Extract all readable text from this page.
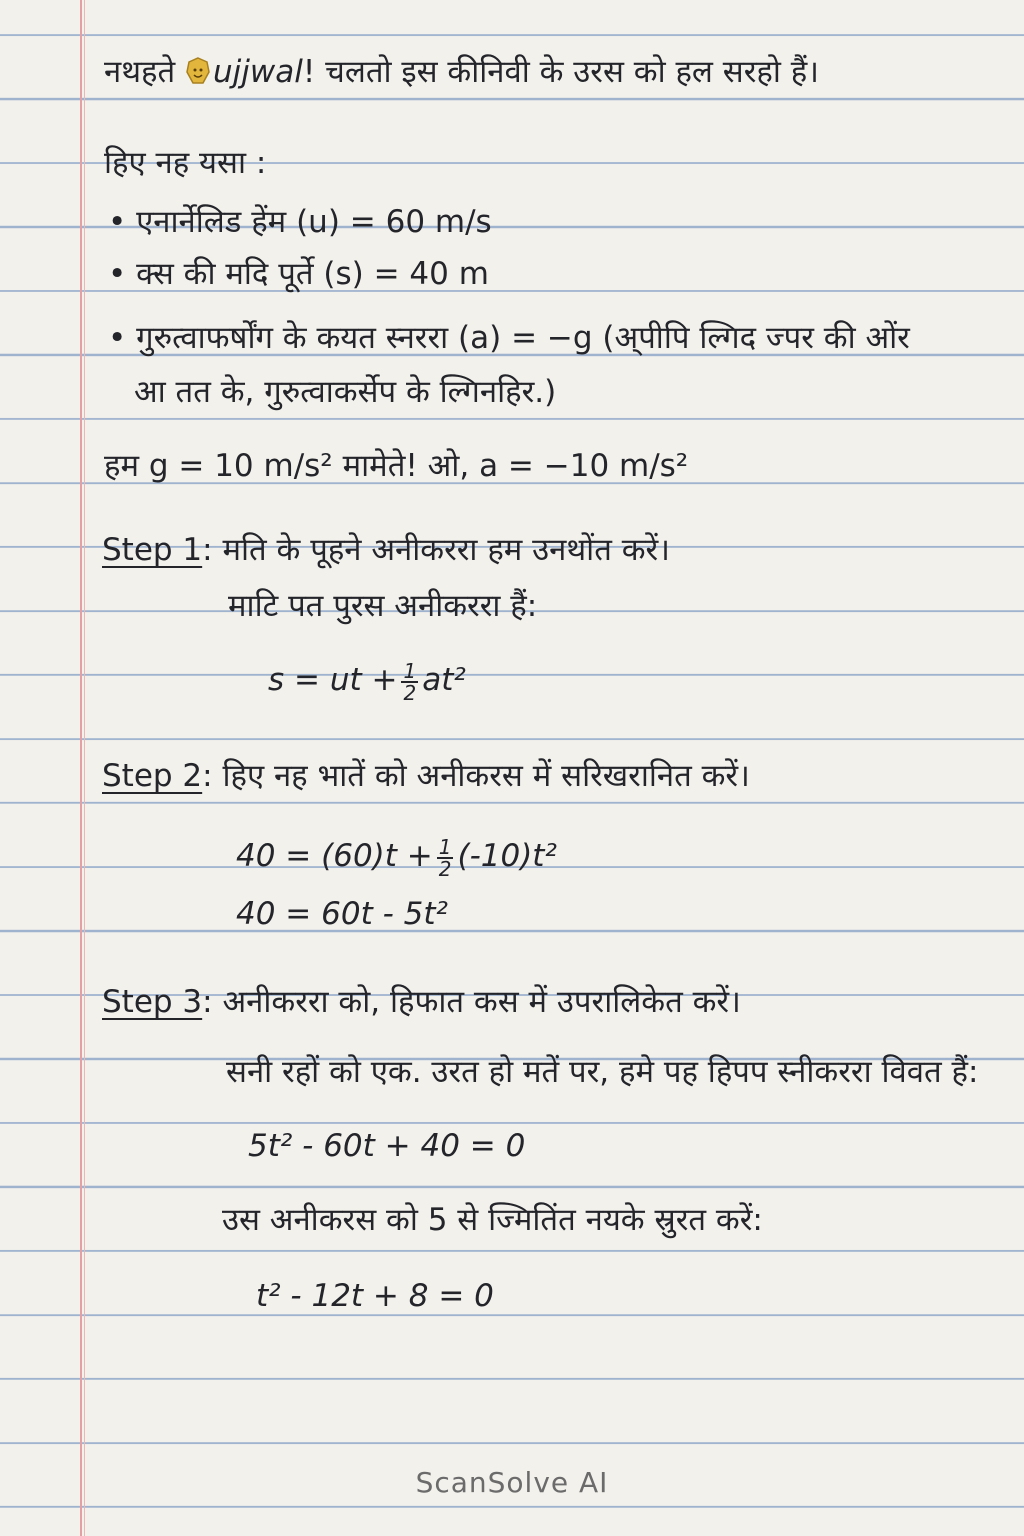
नथहते ujjwal! चलतो इस कीनिवी के उरस को हल सरहो हैं।
हिए नह यसा :
• एनार्नेलिड हेंम (u) = 60 m/s
• क्स की मदि पूर्ते (s) = 40 m
• गुरुत्वाफर्षोंग के कयत स्नररा (a) = −g (अ्पीपि ल्गिद ज्पर की ओंर
आ तत के, गुरुत्वाकर्सेप के ल्गिनहिर.)
हम g = 10 m/s² मामेते! ओ, a = −10 m/s²
Step 1: मति के पूहने अनीकररा हम उनथोंत करें।
माटि पत पुरस अनीकररा हैं:
s = ut + $\frac{1}{2} at^2$
Step 2: हिए नह भातें को अनीकरस में सरिखरानित करें।
$40 = (60)t + \frac{1}{2} (-10)t^2$
40 = 60t - 5t²
Step 3: अनीकररा को, हिफात कस में उपरालिकेत करें।
सनी रहों को एक. उरत हो मतें पर, हमे पह हिपप स्नीकररा विवत हैं:
5t² - 60t + 40 = 0
उस अनीकरस को 5 से ज्मितिंत नयके स्रुरत करें:
t² - 12t + 8 = 0
ScanSolve AI
